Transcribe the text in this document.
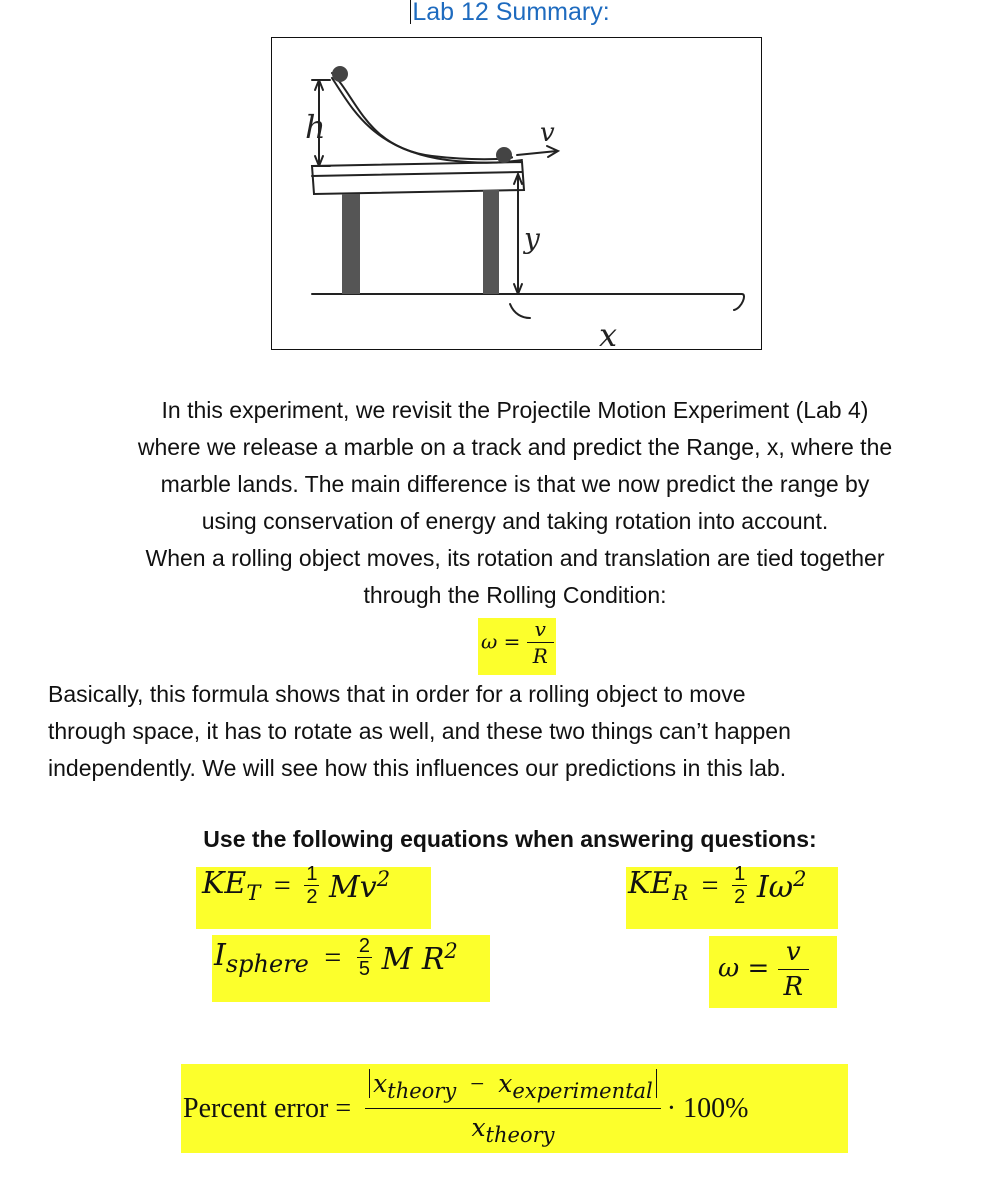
Lab 12 Summary:
h	v
y
x
In this experiment, we revisit the Projectile Motion Experiment (Lab 4)
where we release a marble on a track and predict the Range, x, where the
marble lands. The main difference is that we now predict the range by
using conservation of energy and taking rotation into account.
When a rolling object moves, its rotation and translation are tied together
through the Rolling Condition:
$\omega = \frac{v}{R}$
Basically, this formula shows that in order for a rolling object to move
through space, it has to rotate as well, and these two things can’t happen
independently. We will see how this influences our predictions in this lab.
Use the following equations when answering questions:
$KE_T = \frac{1}{2} Mv^2$	$KE_R = \frac{1}{2} I\omega^2$
$I_{sphere} = \frac{2}{5}$ M $R^2$
$\omega = \frac{v}{R}$
Percent error = $\frac{x_{theory} - x_{experimental}}{x_{theory}} \cdot 100\%$
